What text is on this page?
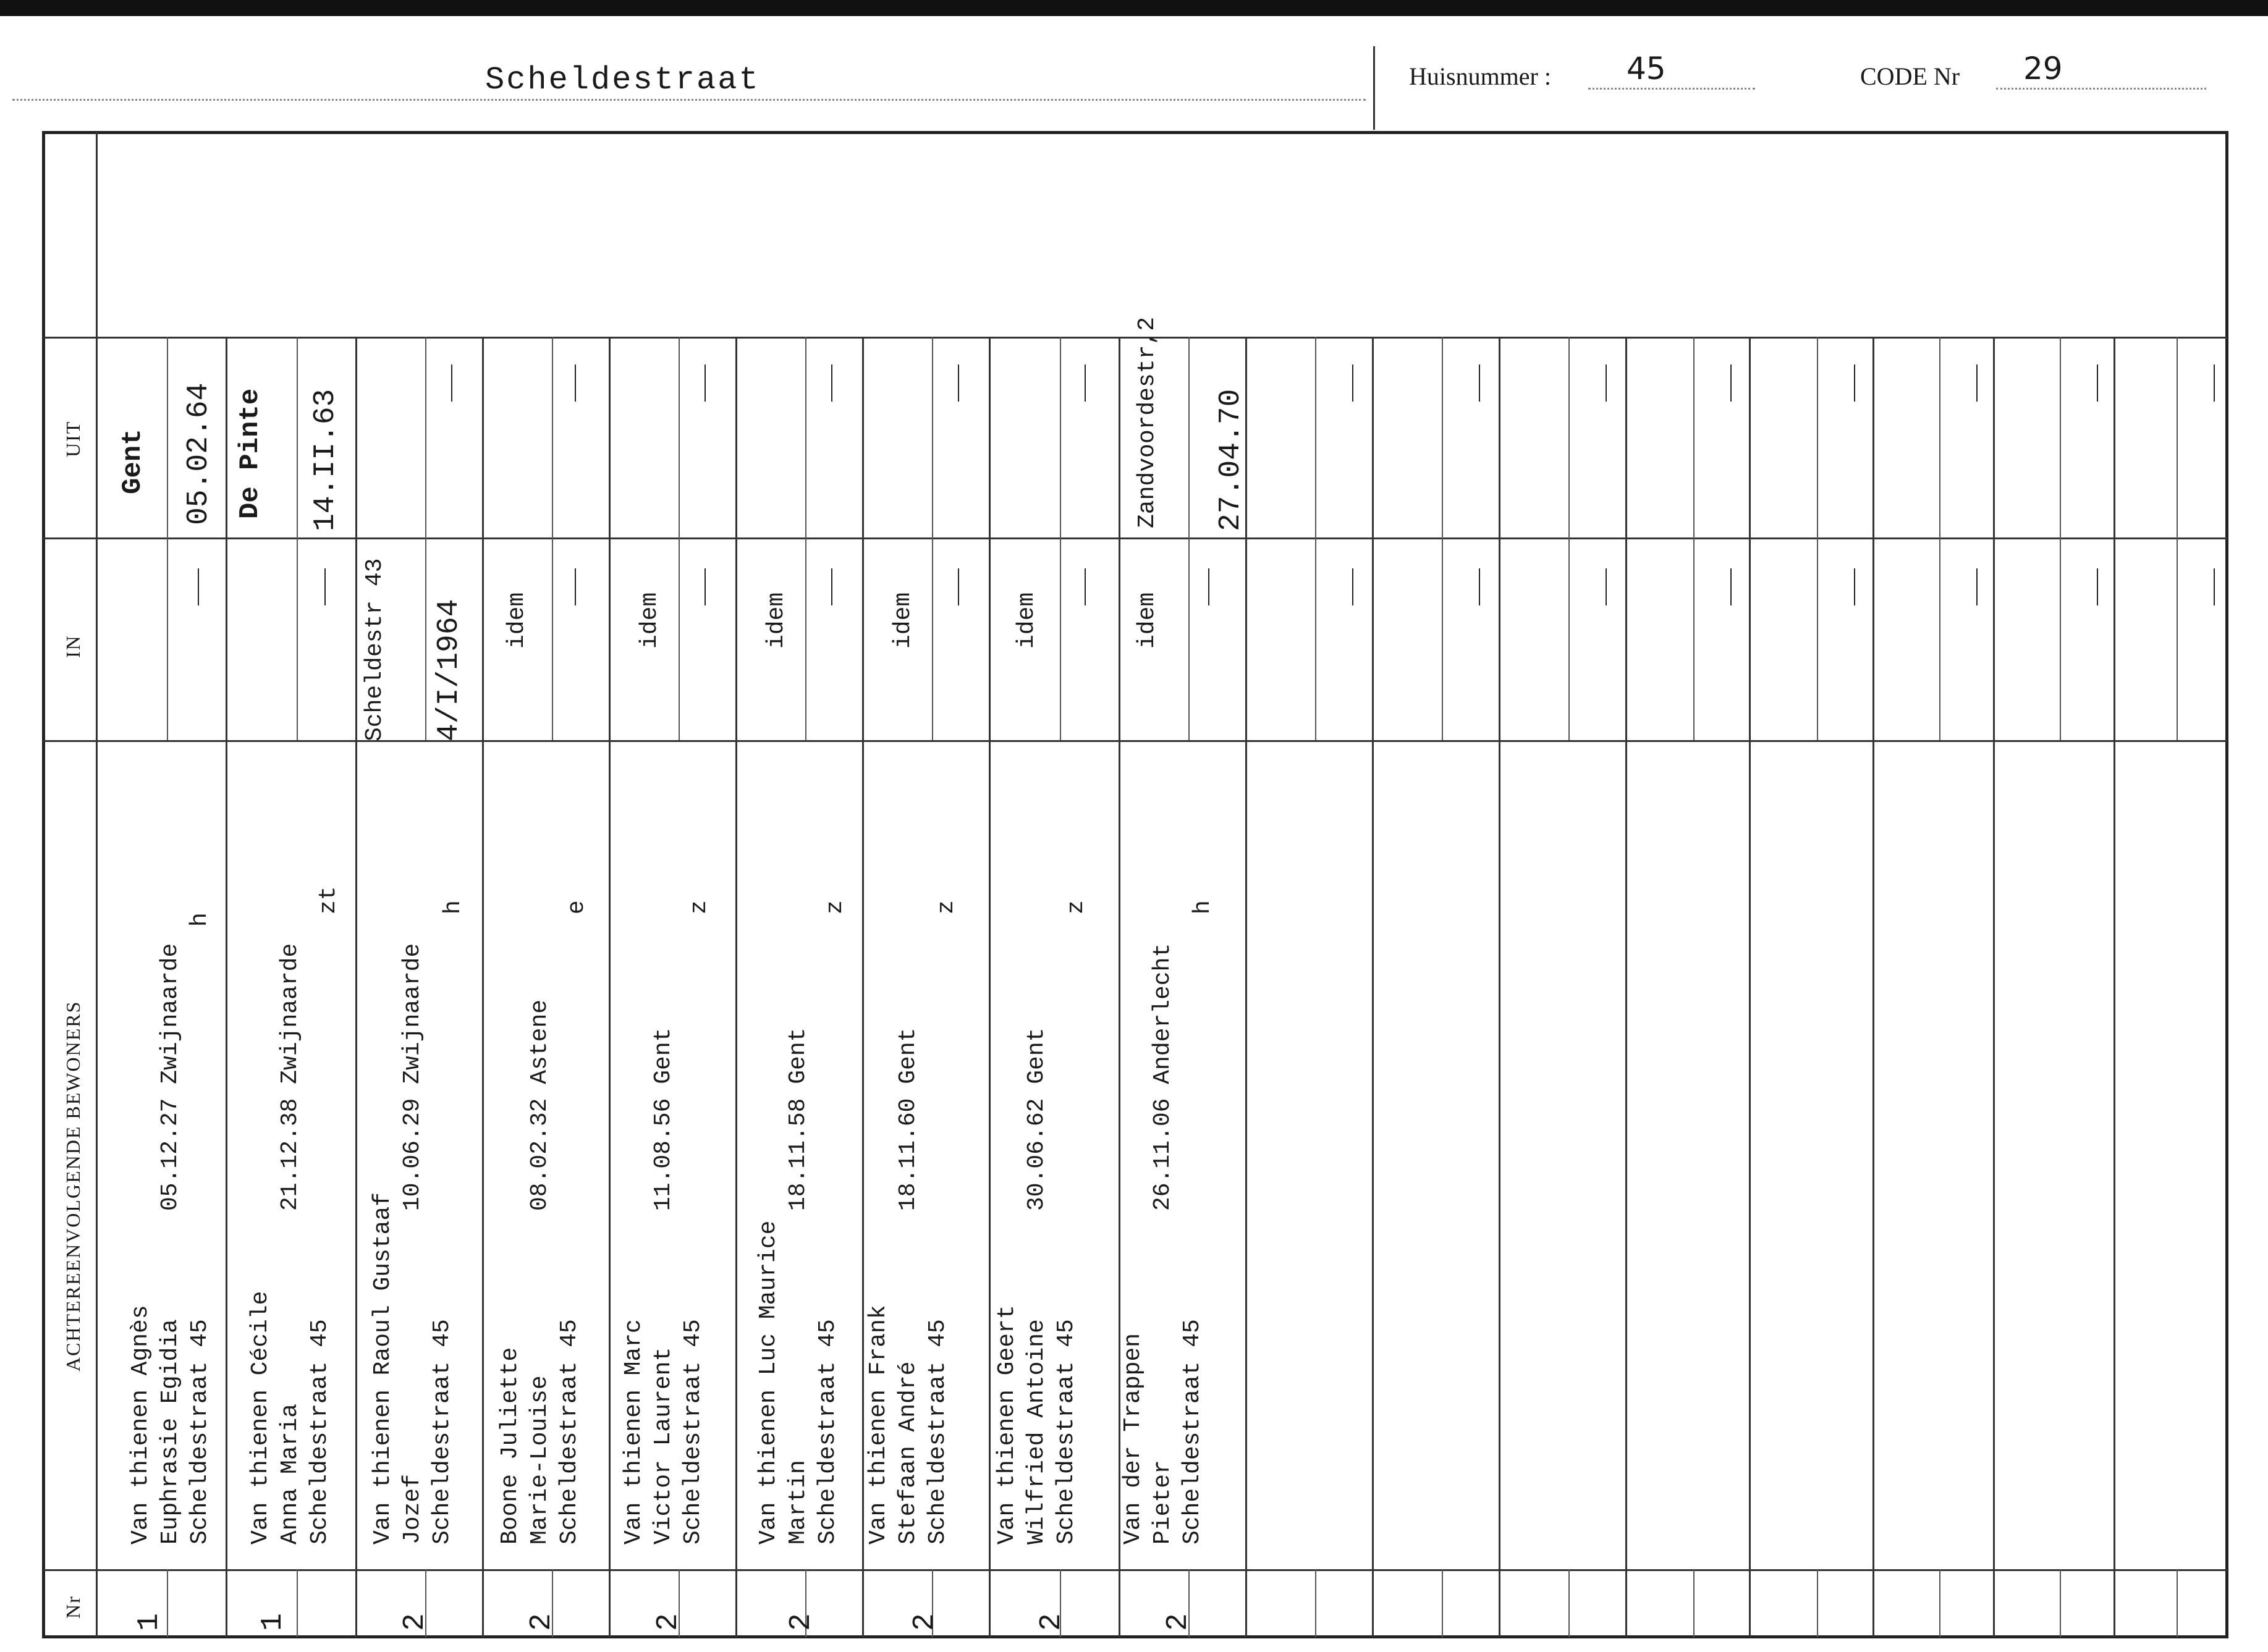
Scheldestraat	Huisnummer : 45	CODE Nr 29
UIT
IN
ACHTEREENVOLGENDE BEWONERS
Nr
Gent 05.02.64
Van thienen Agnès Euphrasie Egidia Scheldestraat 45
05.12.27 Zwijnaarde
h
1
De Pinte 14.II.63
Van thienen Cécile Anna Maria Scheldestraat 45
21.12.38 Zwijnaarde
zt
1
Scheldestr 43 4/I/1964
Van thienen Raoul Gustaaf Jozef Scheldestraat 45
10.06.29 Zwijnaarde
h
2
idem
Boone Juliette Marie-Louise Scheldestraat 45
08.02.32 Astene
e
2
idem
Van thienen Marc Victor Laurent Scheldestraat 45
11.08.56 Gent
z
2
idem
Van thienen Luc Maurice Martin Scheldestraat 45
18.11.58 Gent
z
2
idem
Van thienen Frank Stefaan André Scheldestraat 45
18.11.60 Gent
z
2
idem
Van thienen Geert Wilfried Antoine Scheldestraat 45
30.06.62 Gent
z
2
idem
Zandvoordestr,2 27.04.70
Van der Trappen Pieter Scheldestraat 45
26.11.06 Anderlecht
h
2
